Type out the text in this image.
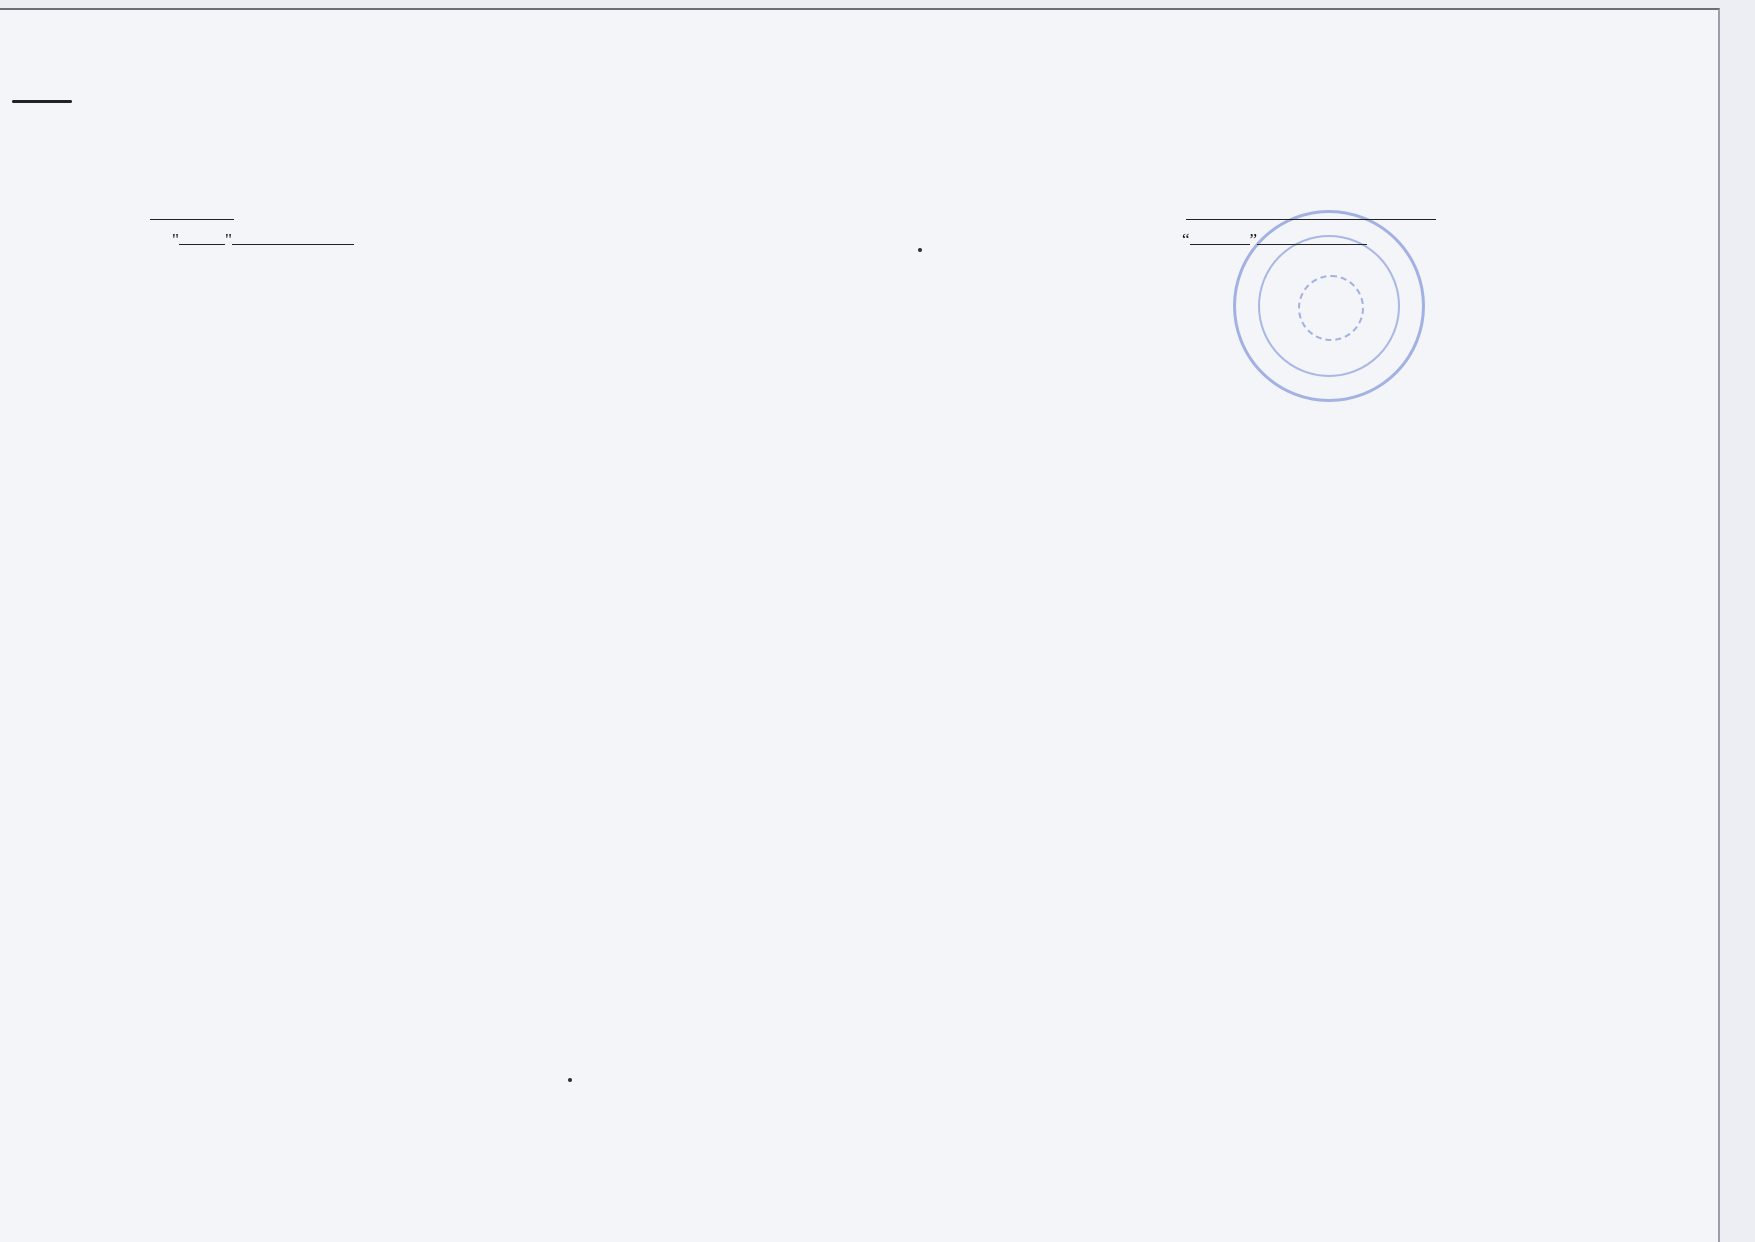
"	"	“	”
